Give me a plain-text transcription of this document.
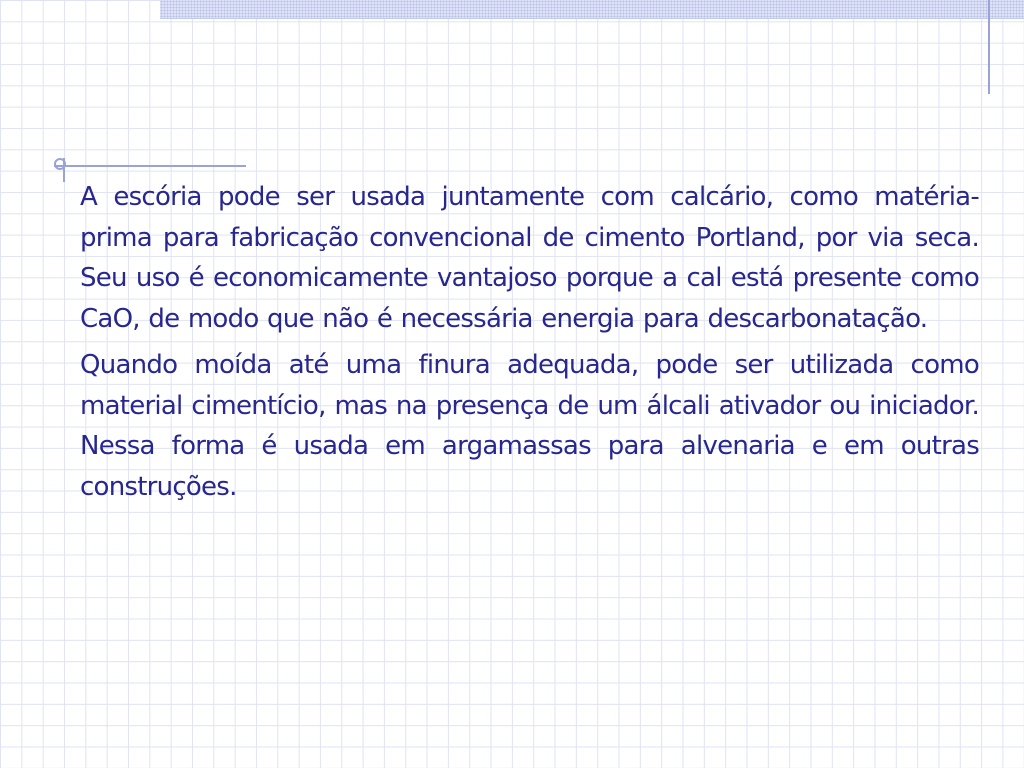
A escória pode ser usada juntamente com calcário, como matéria-prima para fabricação convencional de cimento Portland, por via seca. Seu uso é economicamente vantajoso porque a cal está presente como CaO, de modo que não é necessária energia para descarbonatação.

Quando moída até uma finura adequada, pode ser utilizada como material cimentício, mas na presença de um álcali ativador ou iniciador. Nessa forma é usada em argamassas para alvenaria e em outras construções.
